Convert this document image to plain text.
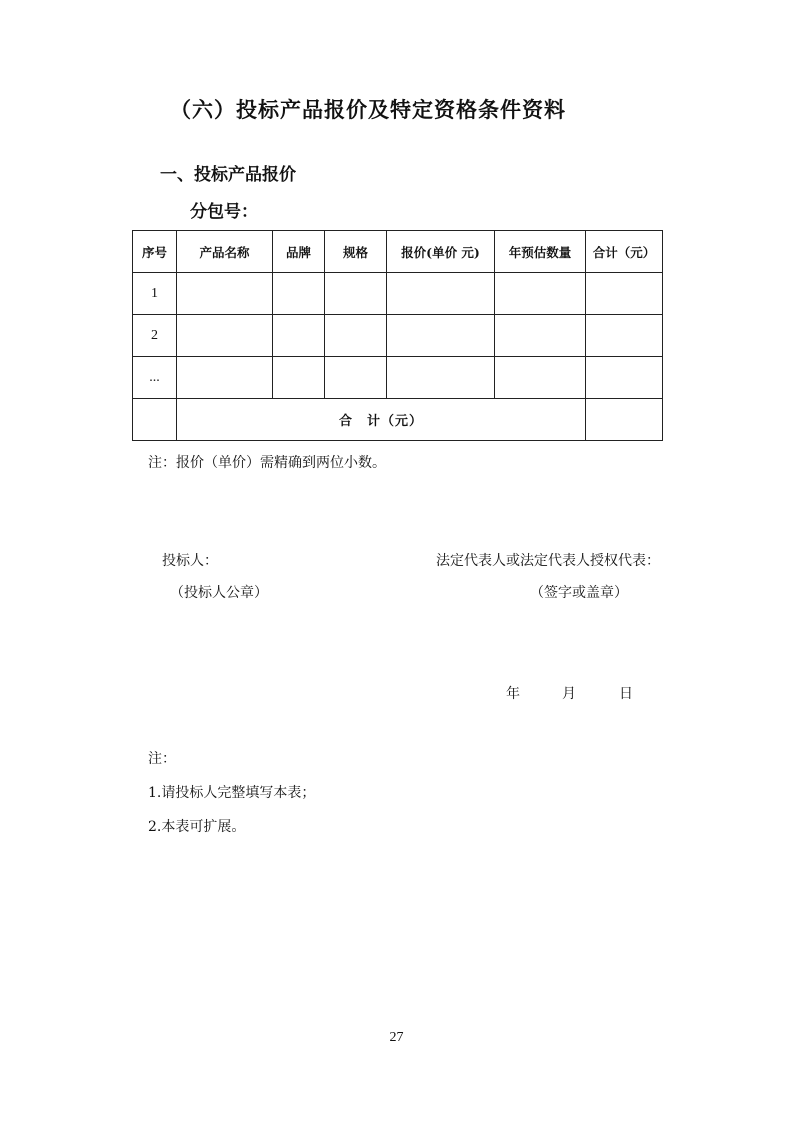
（六）投标产品报价及特定资格条件资料
一、投标产品报价
分包号：
序号	产品名称	品牌	规格	报价(单价 元)	年预估数量	合计（元）
1						
2						
...						
	合　计（元）					
注：报价（单价）需精确到两位小数。
投标人：
（投标人公章）
法定代表人或法定代表人授权代表：
（签字或盖章）
年	月	日
注：
1.请投标人完整填写本表；
2.本表可扩展。
27
